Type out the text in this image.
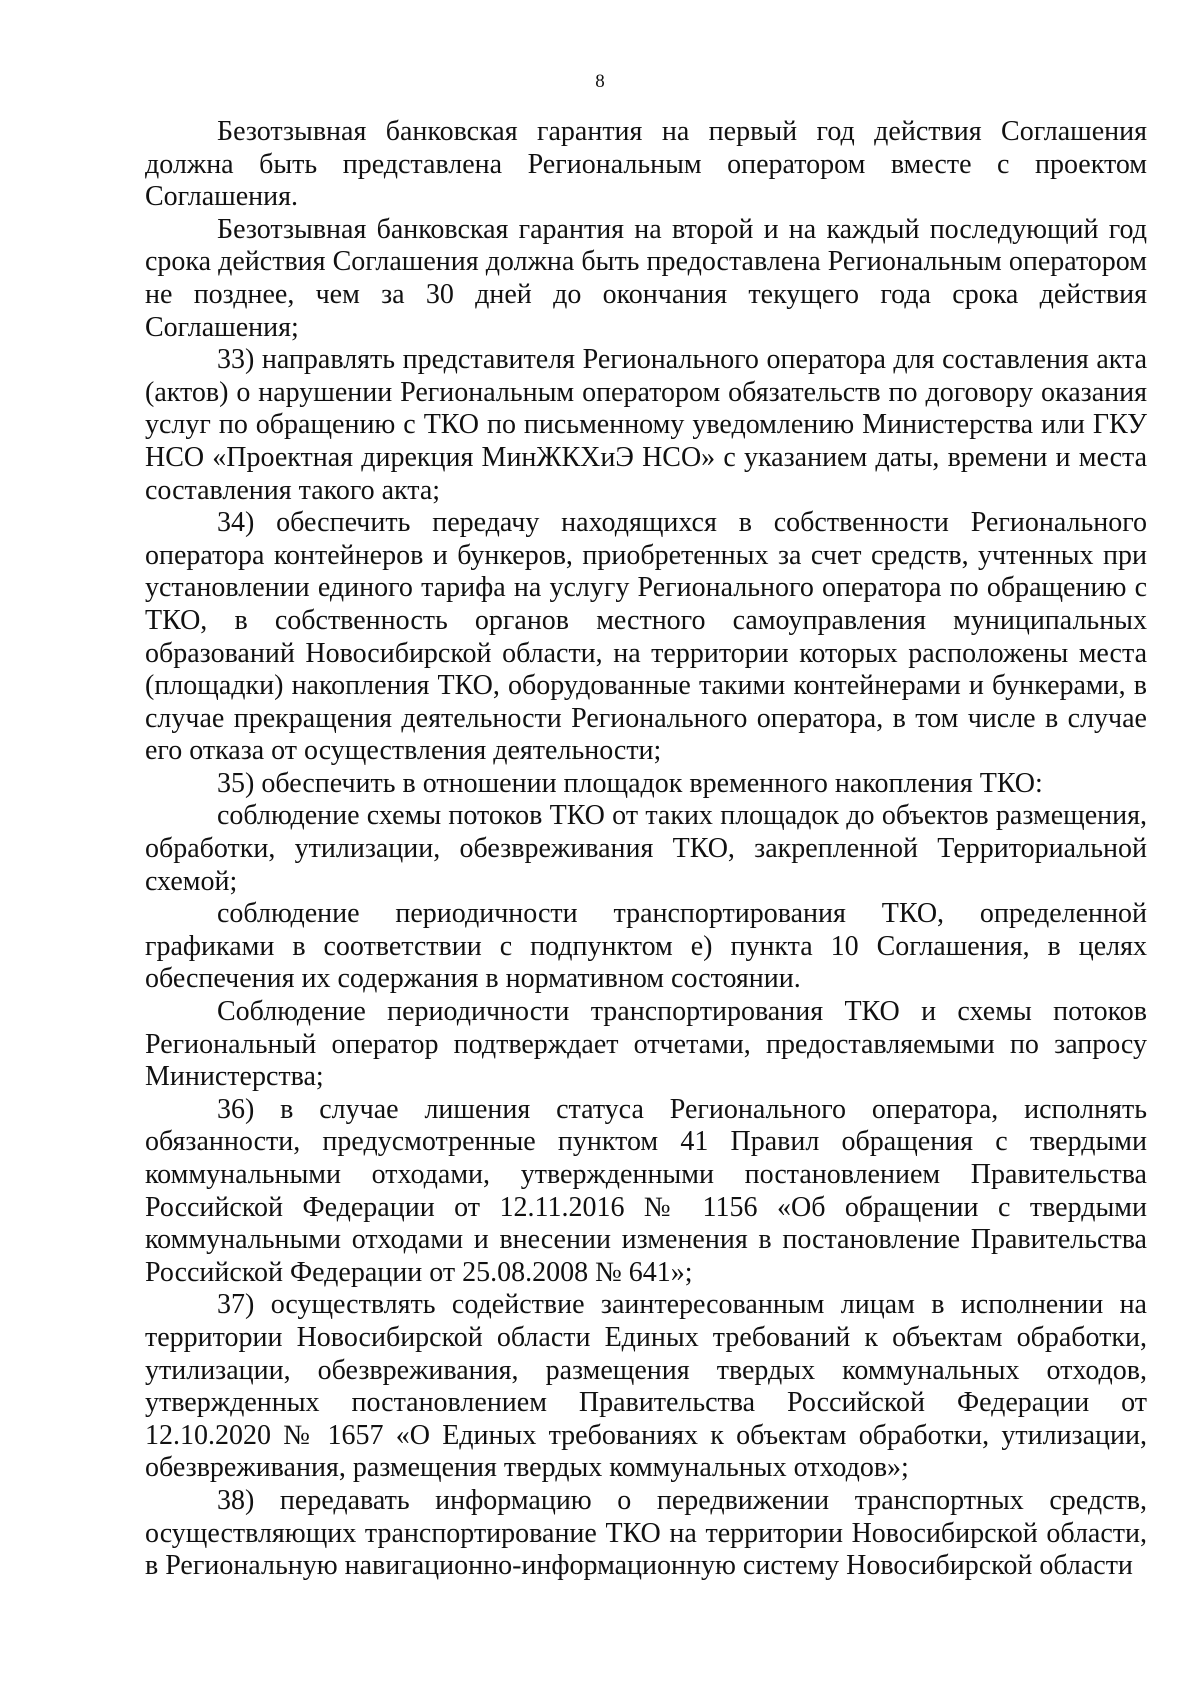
8

Безотзывная банковская гарантия на первый год действия Соглашения должна быть представлена Региональным оператором вместе с проектом Соглашения.

Безотзывная банковская гарантия на второй и на каждый последующий год срока действия Соглашения должна быть предоставлена Региональным оператором не позднее, чем за 30 дней до окончания текущего года срока действия Соглашения;

33) направлять представителя Регионального оператора для составления акта (актов) о нарушении Региональным оператором обязательств по договору оказания услуг по обращению с ТКО по письменному уведомлению Министерства или ГКУ НСО «Проектная дирекция МинЖКХиЭ НСО» с указанием даты, времени и места составления такого акта;

34) обеспечить передачу находящихся в собственности Регионального оператора контейнеров и бункеров, приобретенных за счет средств, учтенных при установлении единого тарифа на услугу Регионального оператора по обращению с ТКО, в собственность органов местного самоуправления муниципальных образований Новосибирской области, на территории которых расположены места (площадки) накопления ТКО, оборудованные такими контейнерами и бункерами, в случае прекращения деятельности Регионального оператора, в том числе в случае его отказа от осуществления деятельности;

35) обеспечить в отношении площадок временного накопления ТКО:

соблюдение схемы потоков ТКО от таких площадок до объектов размещения, обработки, утилизации, обезвреживания ТКО, закрепленной Территориальной схемой;

соблюдение периодичности транспортирования ТКО, определенной графиками в соответствии с подпунктом е) пункта 10 Соглашения, в целях обеспечения их содержания в нормативном состоянии.

Соблюдение периодичности транспортирования ТКО и схемы потоков Региональный оператор подтверждает отчетами, предоставляемыми по запросу Министерства;

36) в случае лишения статуса Регионального оператора, исполнять обязанности, предусмотренные пунктом 41 Правил обращения с твердыми коммунальными отходами, утвержденными постановлением Правительства Российской Федерации от 12.11.2016 № 1156 «Об обращении с твердыми коммунальными отходами и внесении изменения в постановление Правительства Российской Федерации от 25.08.2008 № 641»;

37) осуществлять содействие заинтересованным лицам в исполнении на территории Новосибирской области Единых требований к объектам обработки, утилизации, обезвреживания, размещения твердых коммунальных отходов, утвержденных постановлением Правительства Российской Федерации от 12.10.2020 № 1657 «О Единых требованиях к объектам обработки, утилизации, обезвреживания, размещения твердых коммунальных отходов»;

38) передавать информацию о передвижении транспортных средств, осуществляющих транспортирование ТКО на территории Новосибирской области, в Региональную навигационно-информационную систему Новосибирской области
